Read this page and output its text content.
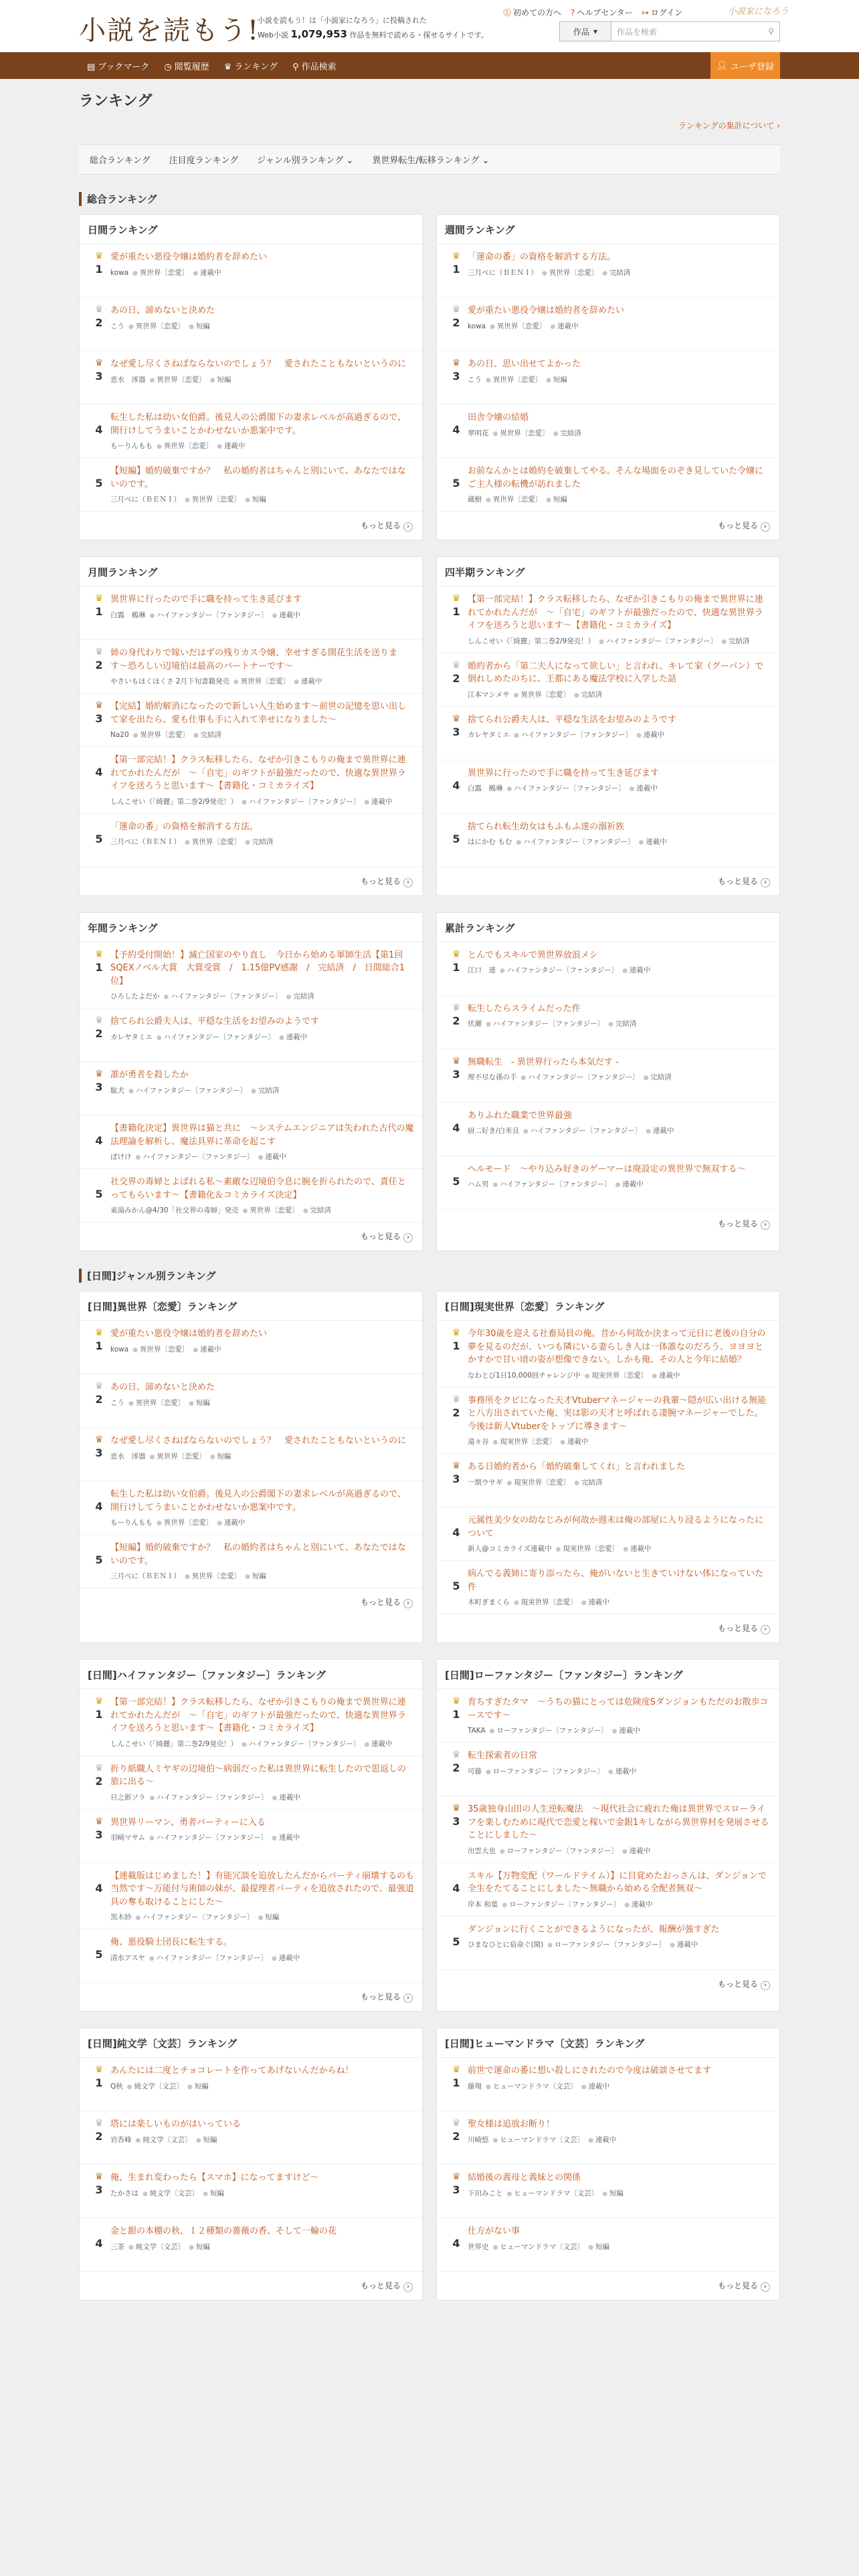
小説を読もう!
小説を読もう！は「小説家になろう」に投稿された
Web小説 1,079,953 作品を無料で読める・探せるサイトです。
⓵ 初めての方へ ? ヘルプセンター ↦ ログイン	小説家になろう
作品 ▾ 作品を検索	⚲
▤ ブックマーク ◷ 閲覧履歴 ♛ ランキング ⚲ 作品検索	👤︎
ユーザ登録
ランキング
ランキングの集計について ›
総合ランキング 注目度ランキング ジャンル別ランキング ⌄ 異世界転生/転移ランキング ⌄
総合ランキング
日間ランキング
♛
1
愛が重たい悪役令嬢は婚約者を辞めたい
kowa ● 異世界〔恋愛〕 ● 連載中
♛
2
あの日、諦めないと決めた
こう ● 異世界〔恋愛〕 ● 短編
♛
3
なぜ愛し尽くさねばならないのでしょう？　愛されたこともないというのに
恵水　澪器 ● 異世界〔恋愛〕 ● 短編
4
転生した私は幼い女伯爵。後見人の公爵閣下の妻求レベルが高過ぎるので、開行けしてうまいことかわせないか悪案中です。
もーりんもも ● 異世界〔恋愛〕 ● 連載中
5
【短編】婚約破棄ですか？　私の婚約者はちゃんと別にいて、あなたではないのです。
三月べに（ＢＥＮＩ） ● 異世界〔恋愛〕 ● 短編
もっと見る ›
週間ランキング
♛
1
「運命の番」の資格を解消する方法。
三月べに（ＢＥＮＩ） ● 異世界〔恋愛〕 ● 完結済
♛
2
愛が重たい悪役令嬢は婚約者を辞めたい
kowa ● 異世界〔恋愛〕 ● 連載中
♛
3
あの日、思い出せてよかった
こう ● 異世界〔恋愛〕 ● 短編
4
田舎令嬢の結婚
翠明花 ● 異世界〔恋愛〕 ● 完結済
5
お前なんかとは婚約を破棄してやる。そんな場面をのぞき見していた令嬢にご主人様の転機が訪れました
蔵樹 ● 異世界〔恋愛〕 ● 短編
もっと見る ›
月間ランキング
♛
1
異世界に行ったので手に職を持って生き延びます
白露　鵺琳 ● ハイファンタジー〔ファンタジー〕 ● 連載中
♛
2
姉の身代わりで嫁いだはずの残りカス令嬢、幸せすぎる開花生活を送ります〜恐ろしい辺境伯は最高のパートナーです〜
やさいもほくほくさ 2月下旬書籍発売 ● 異世界〔恋愛〕 ● 連載中
♛
3
【完結】婚約解消になったので新しい人生始めます〜前世の記憶を思い出して家を出たら、愛も仕事も手に入れて幸せになりました〜
Na20 ● 異世界〔恋愛〕 ● 完結済
4
【第一部完結！】クラス転移したら、なぜか引きこもりの俺まで異世界に連れてかれたんだが　〜「自宅」のギフトが最強だったので、快適な異世界ライフを送ろうと思います〜【書籍化・コミカライズ】
しんこせい（「綺麗」第二巻2/9発売！） ● ハイファンタジー〔ファンタジー〕 ● 連載中
5
「運命の番」の資格を解消する方法。
三月べに（ＢＥＮＩ） ● 異世界〔恋愛〕 ● 完結済
もっと見る ›
四半期ランキング
♛
1
【第一部完結！】クラス転移したら、なぜか引きこもりの俺まで異世界に連れてかれたんだが　〜「自宅」のギフトが最強だったので、快適な異世界ライフを送ろうと思います〜【書籍化・コミカライズ】
しんこせい（「綺麗」第二巻2/9発売！） ● ハイファンタジー〔ファンタジー〕 ● 完結済
♛
2
婚約者から「第二夫人になって欲しい」と言われ、キレて家（グーパン）で倒れしめたのちに、王都にある魔法学校に入学した話
江本マシメサ ● 異世界〔恋愛〕 ● 完結済
♛
3
捨てられ公爵夫人は、平穏な生活をお望みのようです
カレヤタミエ ● ハイファンタジー〔ファンタジー〕 ● 連載中
4
異世界に行ったので手に職を持って生き延びます
白露　鵺琳 ● ハイファンタジー〔ファンタジー〕 ● 連載中
5
捨てられ転生幼女はもふもふ達の溺祈族
はにかむ もむ ● ハイファンタジー〔ファンタジー〕 ● 連載中
もっと見る ›
年間ランキング
♛
1
【予約受付開始！】滅亡国家のやり直し　今日から始める軍師生活【第1回SQEXノベル大賞　大賞受賞　/　1.15億PV感謝　/　完結済　/　日間総合1位】
ひろしたよだか ● ハイファンタジー〔ファンタジー〕 ● 完結済
♛
2
捨てられ公爵夫人は、平穏な生活をお望みのようです
カレヤタミエ ● ハイファンタジー〔ファンタジー〕 ● 連載中
♛
3
誰が勇者を殺したか
駄犬 ● ハイファンタジー〔ファンタジー〕 ● 完結済
4
【書籍化決定】異世界は猫と共に　〜システムエンジニアは失われた古代の魔法理論を解析し、魔法具界に革命を起こす
ぽけけ ● ハイファンタジー〔ファンタジー〕 ● 連載中
5
社交界の毒婦とよばれる私〜素敵な辺境伯令息に腕を折られたので、責任とってもらいます〜【書籍化＆コミカライズ決定】
東湯みかん@4/30「社交界の毒婦」発売 ● 異世界〔恋愛〕 ● 完結済
もっと見る ›
累計ランキング
♛
1
とんでもスキルで異世界放浪メシ
江口　連 ● ハイファンタジー〔ファンタジー〕 ● 連載中
♛
2
転生したらスライムだった件
伏瀬 ● ハイファンタジー〔ファンタジー〕 ● 完結済
♛
3
無職転生　- 異世界行ったら本気だす -
理不尽な孫の手 ● ハイファンタジー〔ファンタジー〕 ● 完結済
4
ありふれた職業で世界最強
厨二好き/白米良 ● ハイファンタジー〔ファンタジー〕 ● 連載中
5
ヘルモード　〜やり込み好きのゲーマーは廃設定の異世界で無双する〜
ハム男 ● ハイファンタジー〔ファンタジー〕 ● 連載中
もっと見る ›
[日間]ジャンル別ランキング
[日間]異世界〔恋愛〕ランキング
♛
1
愛が重たい悪役令嬢は婚約者を辞めたい
kowa ● 異世界〔恋愛〕 ● 連載中
♛
2
あの日、諦めないと決めた
こう ● 異世界〔恋愛〕 ● 短編
♛
3
なぜ愛し尽くさねばならないのでしょう？　愛されたこともないというのに
恵水　澪器 ● 異世界〔恋愛〕 ● 短編
4
転生した私は幼い女伯爵。後見人の公爵閣下の妻求レベルが高過ぎるので、開行けしてうまいことかわせないか悪案中です。
もーりんもも ● 異世界〔恋愛〕 ● 連載中
5
【短編】婚約破棄ですか？　私の婚約者はちゃんと別にいて、あなたではないのです。
三月べに（ＢＥＮＩ） ● 異世界〔恋愛〕 ● 短編
もっと見る ›
[日間]現実世界〔恋愛〕ランキング
♛
1
今年30歳を迎える社畜局員の俺。昔から何故か決まって元日に老後の自分の夢を見るのだが、いつも隣にいる妻らしき人は一体誰なのだろう、ヨヨヨとかすかで甘い頃の姿が想像できない。しかも俺、その人と今年に結婚？
なわとび1日10,000回チャレンジ中 ● 現実世界〔恋愛〕 ● 連載中
♛
2
事務所をクビになった天才Vtuberマネージャーの我輩〜隠が広い出ける無能と八方出されていた俺、実は影の天才と呼ばれる凄腕マネージャーでした。今後は新人Vtuberをトップに導きます〜
遠々谷 ● 現実世界〔恋愛〕 ● 連載中
♛
3
ある日婚約者から「婚約破棄してくれ」と言われました
一期ウサギ ● 現実世界〔恋愛〕 ● 完結済
4
元属性美少女の幼なじみが何故か週末は俺の部屋に入り浸るようになったについて
新人@コミカライズ連載中 ● 現実世界〔恋愛〕 ● 連載中
5
病んでる義姉に寄り添ったら、俺がいないと生きていけない体になっていた件
木町ぎまくら ● 現実世界〔恋愛〕 ● 連載中
もっと見る ›
[日間]ハイファンタジー〔ファンタジー〕ランキング
♛
1
【第一部完結！】クラス転移したら、なぜか引きこもりの俺まで異世界に連れてかれたんだが　〜「自宅」のギフトが最強だったので、快適な異世界ライフを送ろうと思います〜【書籍化・コミカライズ】
しんこせい（「綺麗」第二巻2/9発売！） ● ハイファンタジー〔ファンタジー〕 ● 連載中
♛
2
折り紙職人ミヤギの辺境伯〜病弱だった私は異世界に転生したので思返しの旅に出る〜
日之影ソラ ● ハイファンタジー〔ファンタジー〕 ● 連載中
♛
3
異世界リーマン、勇者パーティーに入る
羽崎マサム ● ハイファンタジー〔ファンタジー〕 ● 連載中
4
【連載版はじめました！】有能冗談を追放したんだからパーティ崩壊するのも当然です〜万能付与術師の妹が、最提理者パーティを追放されたので、最強道具の奪も取けることにした〜
黒木紗 ● ハイファンタジー〔ファンタジー〕 ● 短編
5
俺、悪役騎士団長に転生する。
清水アスヤ ● ハイファンタジー〔ファンタジー〕 ● 連載中
もっと見る ›
[日間]ローファンタジー〔ファンタジー〕ランキング
♛
1
育ちすぎたタマ　〜うちの猫にとっては危険度Sダンジョンもただのお散歩コースです〜
TAKA ● ローファンタジー〔ファンタジー〕 ● 連載中
♛
2
転生探索者の日常
可藤 ● ローファンタジー〔ファンタジー〕 ● 連載中
♛
3
35歳独身山田の人生逆転魔法　〜現代社会に疲れた俺は異世界でスローライフを楽しむために現代で恋愛と稼いで金銀1キしながら異世界村を発展させることにしました〜
出雲大也 ● ローファンタジー〔ファンタジー〕 ● 連載中
4
スキル【万物変配（ワールドテイム）】に目覚めたおっさんは、ダンジョンで全生をたてることにしました〜無職から始める全配者無双〜
岸本 和葉 ● ローファンタジー〔ファンタジー〕 ● 連載中
5
ダンジョンに行くことができるようになったが、報酬が強すぎた
ひまなひとに宿命ぐ(開) ● ローファンタジー〔ファンタジー〕 ● 連載中
もっと見る ›
[日間]純文学〔文芸〕ランキング
♛
1
あんたには二度とチョコレートを作ってあげないんだからね！
Q秋 ● 純文学〔文芸〕 ● 短編
♛
2
塔には楽しいものがはいっている
岩香峰 ● 純文学〔文芸〕 ● 短編
♛
3
俺、生まれ変わったら【スマホ】になってますけど〜
たかさは ● 純文学〔文芸〕 ● 短編
4
金と銀の本棚の秋、１２種類の薔薇の香、そして一輪の花
三茶 ● 純文学〔文芸〕 ● 短編
もっと見る ›
[日間]ヒューマンドラマ〔文芸〕ランキング
♛
1
前世で運命の番に想い殺しにされたので今度は破談させてます
藤翔 ● ヒューマンドラマ〔文芸〕 ● 連載中
♛
2
聖女様は追放お断り！
川崎悠 ● ヒューマンドラマ〔文芸〕 ● 連載中
♛
3
結婚後の義母と義妹との関係
下田みこと ● ヒューマンドラマ〔文芸〕 ● 短編
4
仕方がない事
世界史 ● ヒューマンドラマ〔文芸〕 ● 短編
もっと見る ›
